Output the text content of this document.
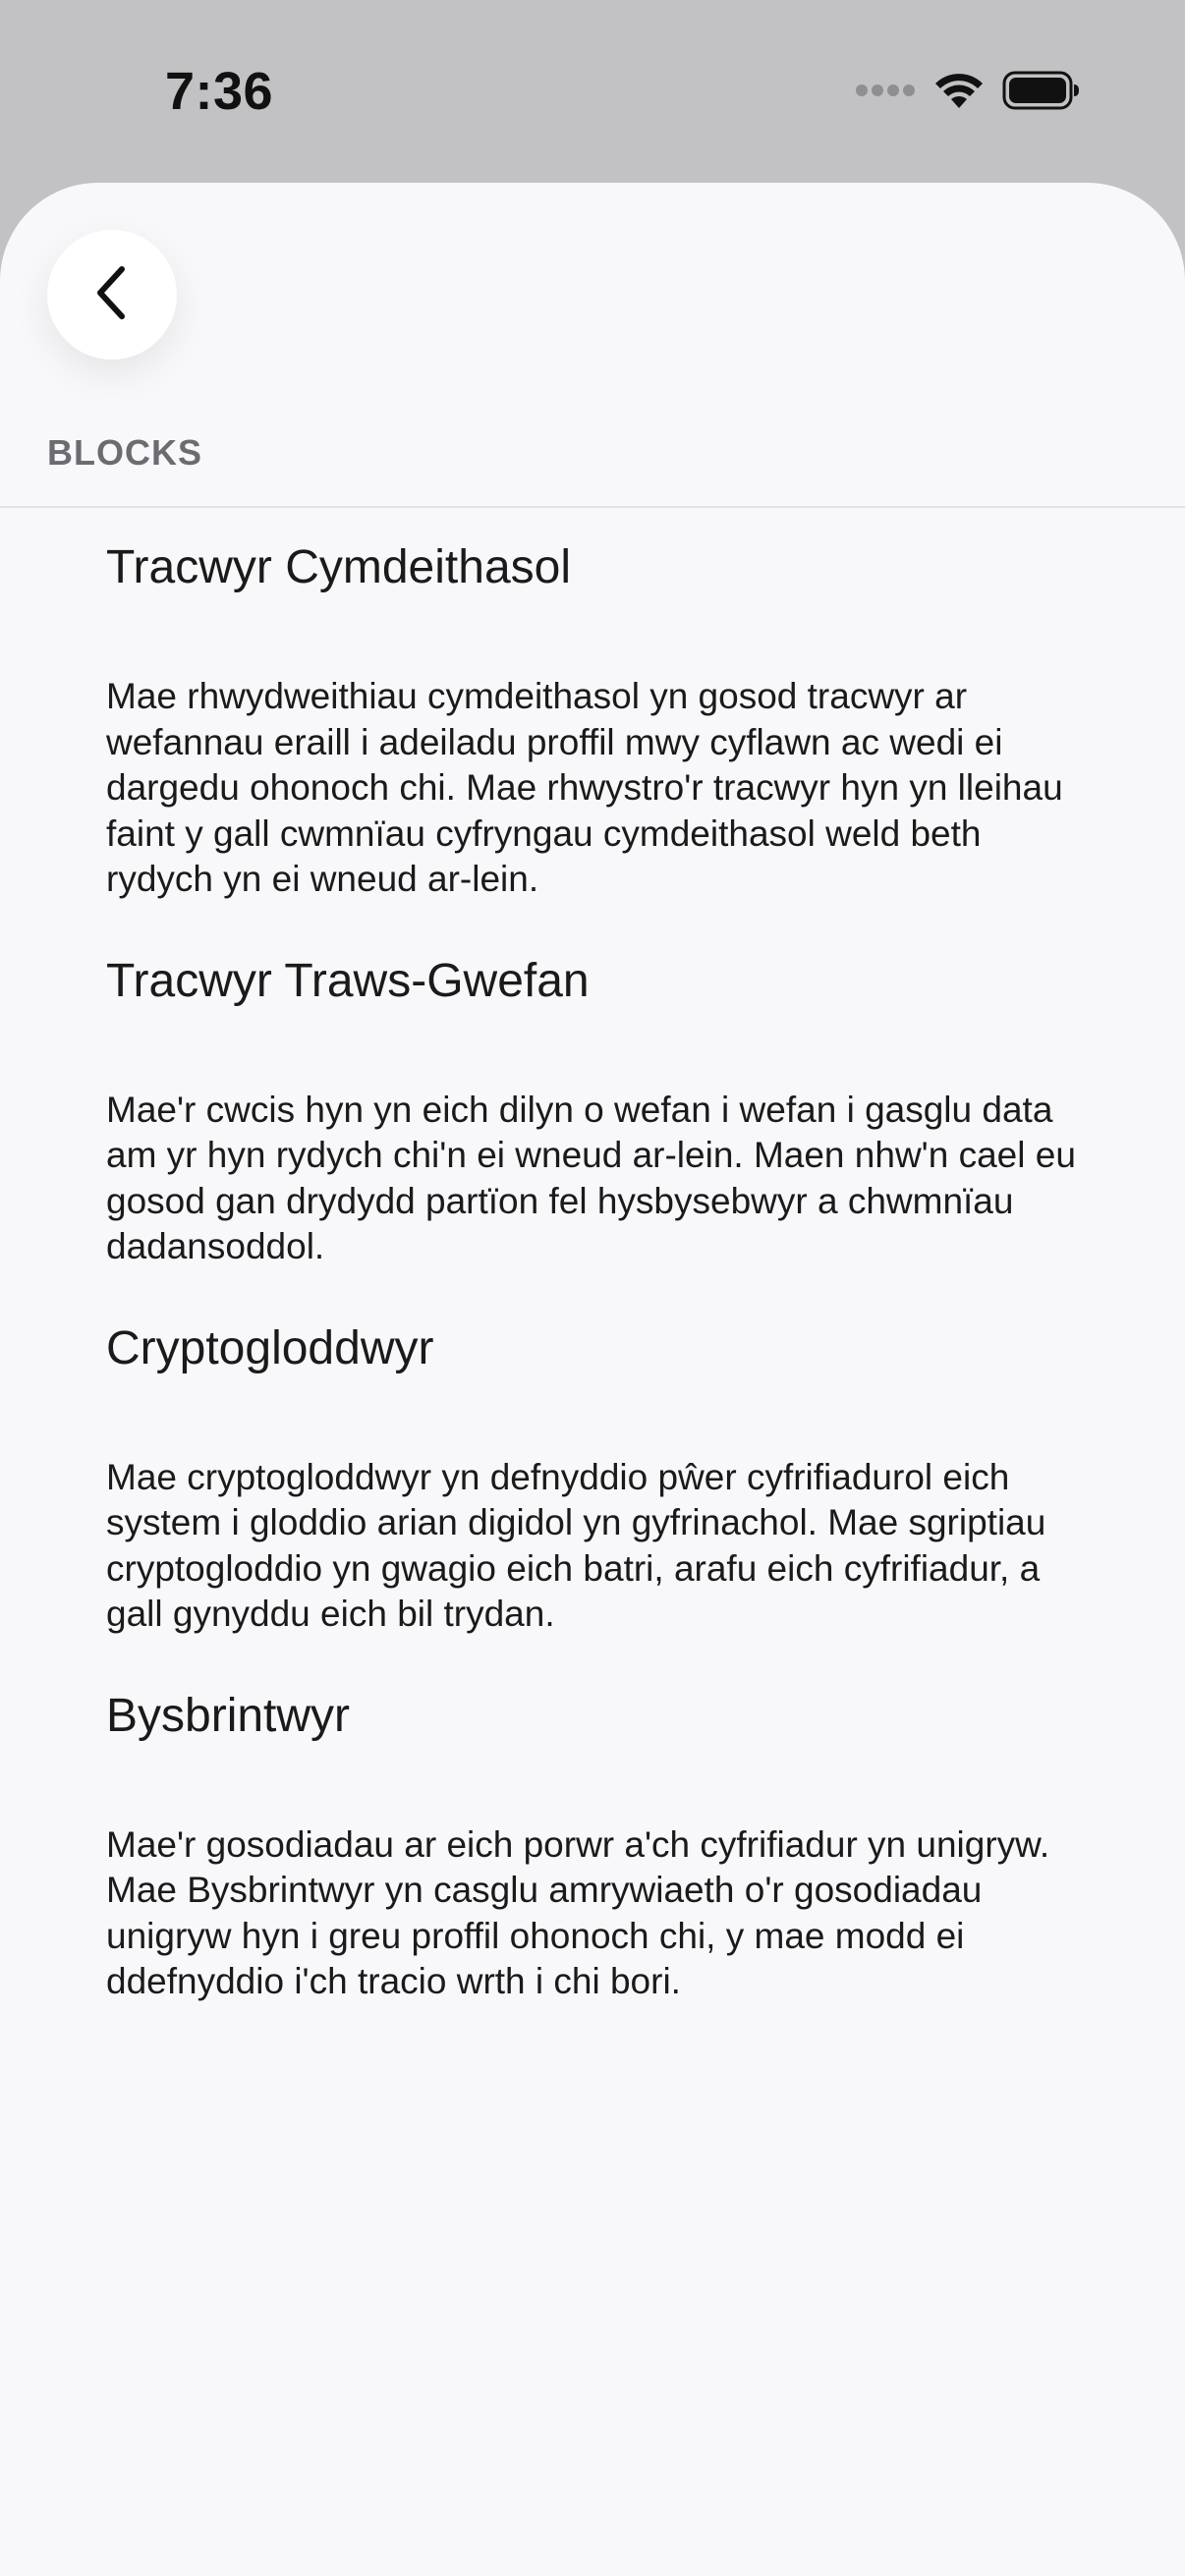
7:36
BLOCKS
Tracwyr Cymdeithasol

Mae rhwydweithiau cymdeithasol yn gosod tracwyr ar wefannau eraill i adeiladu proffil mwy cyflawn ac wedi ei dargedu ohonoch chi. Mae rhwystro'r tracwyr hyn yn lleihau faint y gall cwmnïau cyfryngau cymdeithasol weld beth rydych yn ei wneud ar-lein.

Tracwyr Traws-Gwefan

Mae'r cwcis hyn yn eich dilyn o wefan i wefan i gasglu data am yr hyn rydych chi'n ei wneud ar-lein. Maen nhw'n cael eu gosod gan drydydd partïon fel hysbysebwyr a chwmnïau dadansoddol.

Cryptogloddwyr

Mae cryptogloddwyr yn defnyddio pŵer cyfrifiadurol eich system i gloddio arian digidol yn gyfrinachol. Mae sgriptiau cryptogloddio yn gwagio eich batri, arafu eich cyfrifiadur, a gall gynyddu eich bil trydan.

Bysbrintwyr

Mae'r gosodiadau ar eich porwr a'ch cyfrifiadur yn unigryw. Mae Bysbrintwyr yn casglu amrywiaeth o'r gosodiadau unigryw hyn i greu proffil ohonoch chi, y mae modd ei ddefnyddio i'ch tracio wrth i chi bori.
